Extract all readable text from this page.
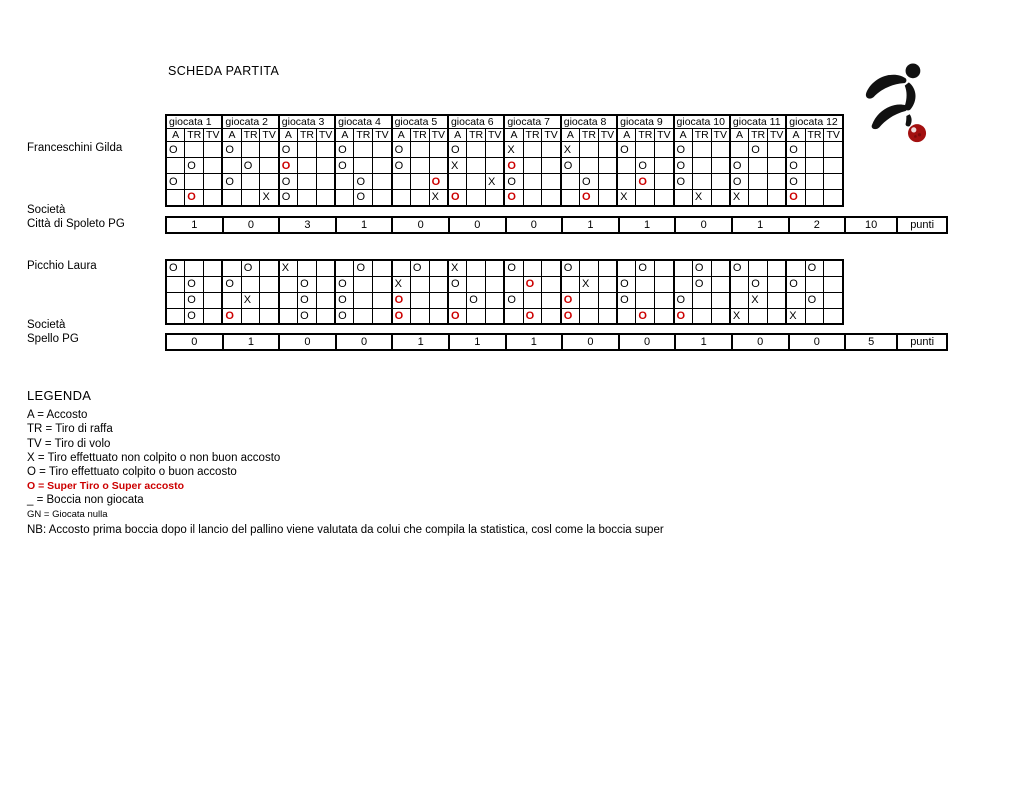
SCHEDA PARTITA
Franceschini Gilda
Società
Città di Spoleto PG
giocata 1			giocata 2			giocata 3			giocata 4			giocata 5			giocata 6			giocata 7			giocata 8			giocata 9			giocata 10			giocata 11			giocata 12		
A	TR	TV	A	TR	TV	A	TR	TV	A	TR	TV	A	TR	TV	A	TR	TV	A	TR	TV	A	TR	TV	A	TR	TV	A	TR	TV	A	TR	TV	A	TR	TV
O			O			O			O			O			O			X			X			O			O				O		O		
	O			O		O			O			O			X			O			O				O		O			O			O		
O			O			O				O				O			X	O				O			O		O			O			O		
	O				X	O				O				X	O			O				O		X				X		X			O		
1	0	3	1	0	0	0	1	1	0	1	2	10	punti
Picchio Laura
Società
Spello PG
O				O		X				O			O		X			O			O				O			O		O				O	
	O		O				O		O			X			O				O			X		O				O			O		O		
	O			X			O		O			O				O		O			O			O			O				X			O	
	O		O				O		O			O			O				O		O				O		O			X			X		
0	1	0	0	1	1	1	0	0	1	0	0	5	punti
LEGENDA
A = Accosto
TR = Tiro di raffa
TV = Tiro di volo
X = Tiro effettuato non colpito o non buon accosto
O = Tiro effettuato colpito o buon accosto
O = Super Tiro o Super accosto
_ = Boccia non giocata
GN = Giocata nulla
NB: Accosto prima boccia dopo il lancio del pallino viene valutata da colui che compila la statistica, cosl come la boccia super
